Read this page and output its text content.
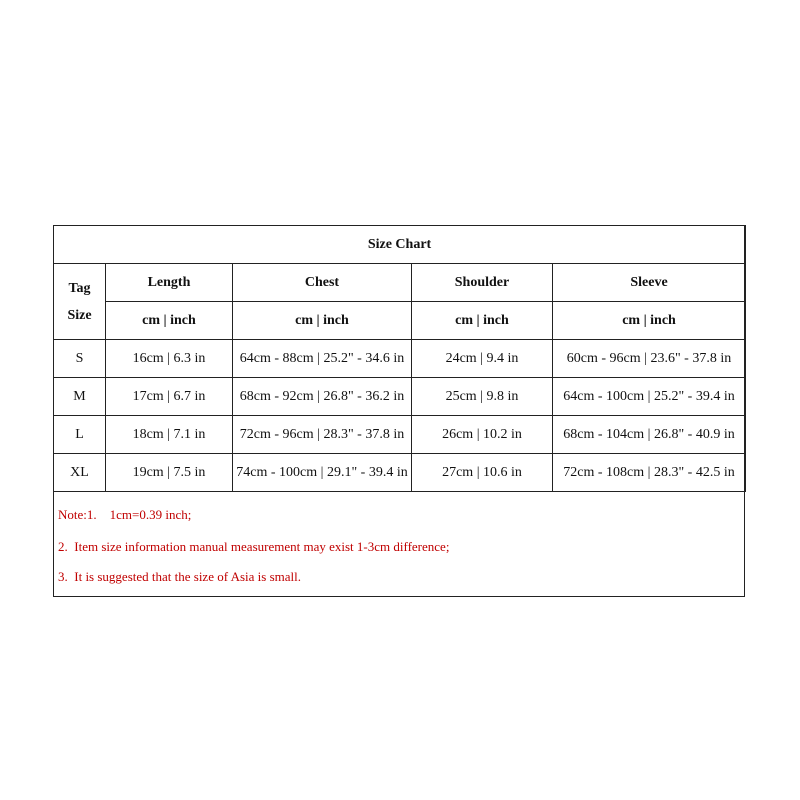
Size Chart				
Tag
Size	Length	Chest	Shoulder	Sleeve
	cm | inch	cm | inch	cm | inch	cm | inch
S	16cm | 6.3 in	64cm - 88cm | 25.2" - 34.6 in	24cm | 9.4 in	60cm - 96cm | 23.6" - 37.8 in
M	17cm | 6.7 in	68cm - 92cm | 26.8" - 36.2 in	25cm | 9.8 in	64cm - 100cm | 25.2" - 39.4 in
L	18cm | 7.1 in	72cm - 96cm | 28.3" - 37.8 in	26cm | 10.2 in	68cm - 104cm | 26.8" - 40.9 in
XL	19cm | 7.5 in	74cm - 100cm | 29.1" - 39.4 in	27cm | 10.6 in	72cm - 108cm | 28.3" - 42.5 in
Note:1.    1cm=0.39 inch;
2.  Item size information manual measurement may exist 1-3cm difference;
3.  It is suggested that the size of Asia is small.
